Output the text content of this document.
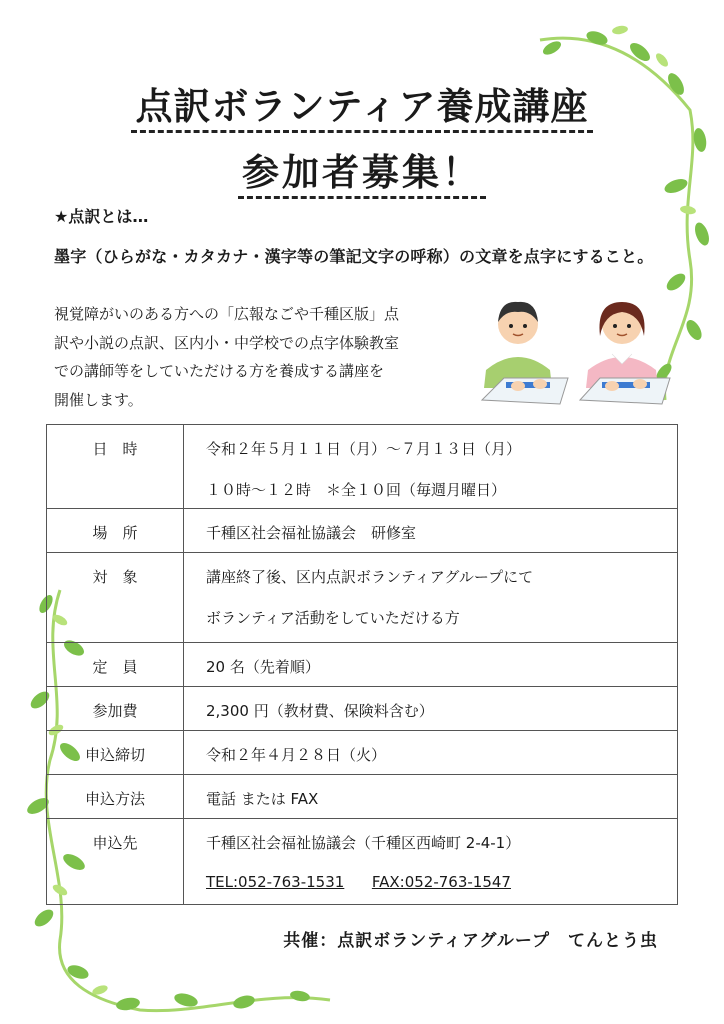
点訳ボランティア養成講座
参加者募集！
★点訳とは…
墨字（ひらがな・カタカナ・漢字等の筆記文字の呼称）の文章を点字にすること。
視覚障がいのある方への「広報なごや千種区版」点
訳や小説の点訳、区内小・中学校での点字体験教室
での講師等をしていただける方を養成する講座を
開催します。
日　時	令和２年５月１１日（月）～７月１３日（月）
１０時～１２時　＊全１０回（毎週月曜日）

場　所	千種区社会福祉協議会　研修室
対　象	講座終了後、区内点訳ボランティアグループにて
ボランティア活動をしていただける方

定　員	20 名（先着順）
参加費	2,300 円（教材費、保険料含む）
申込締切	令和２年４月２８日（火）
申込方法	電話 または FAX
申込先	千種区社会福祉協議会（千種区西崎町 2-4-1）
TEL:052-763-1531 FAX:052-763-1547
共催：点訳ボランティアグループ　てんとう虫
